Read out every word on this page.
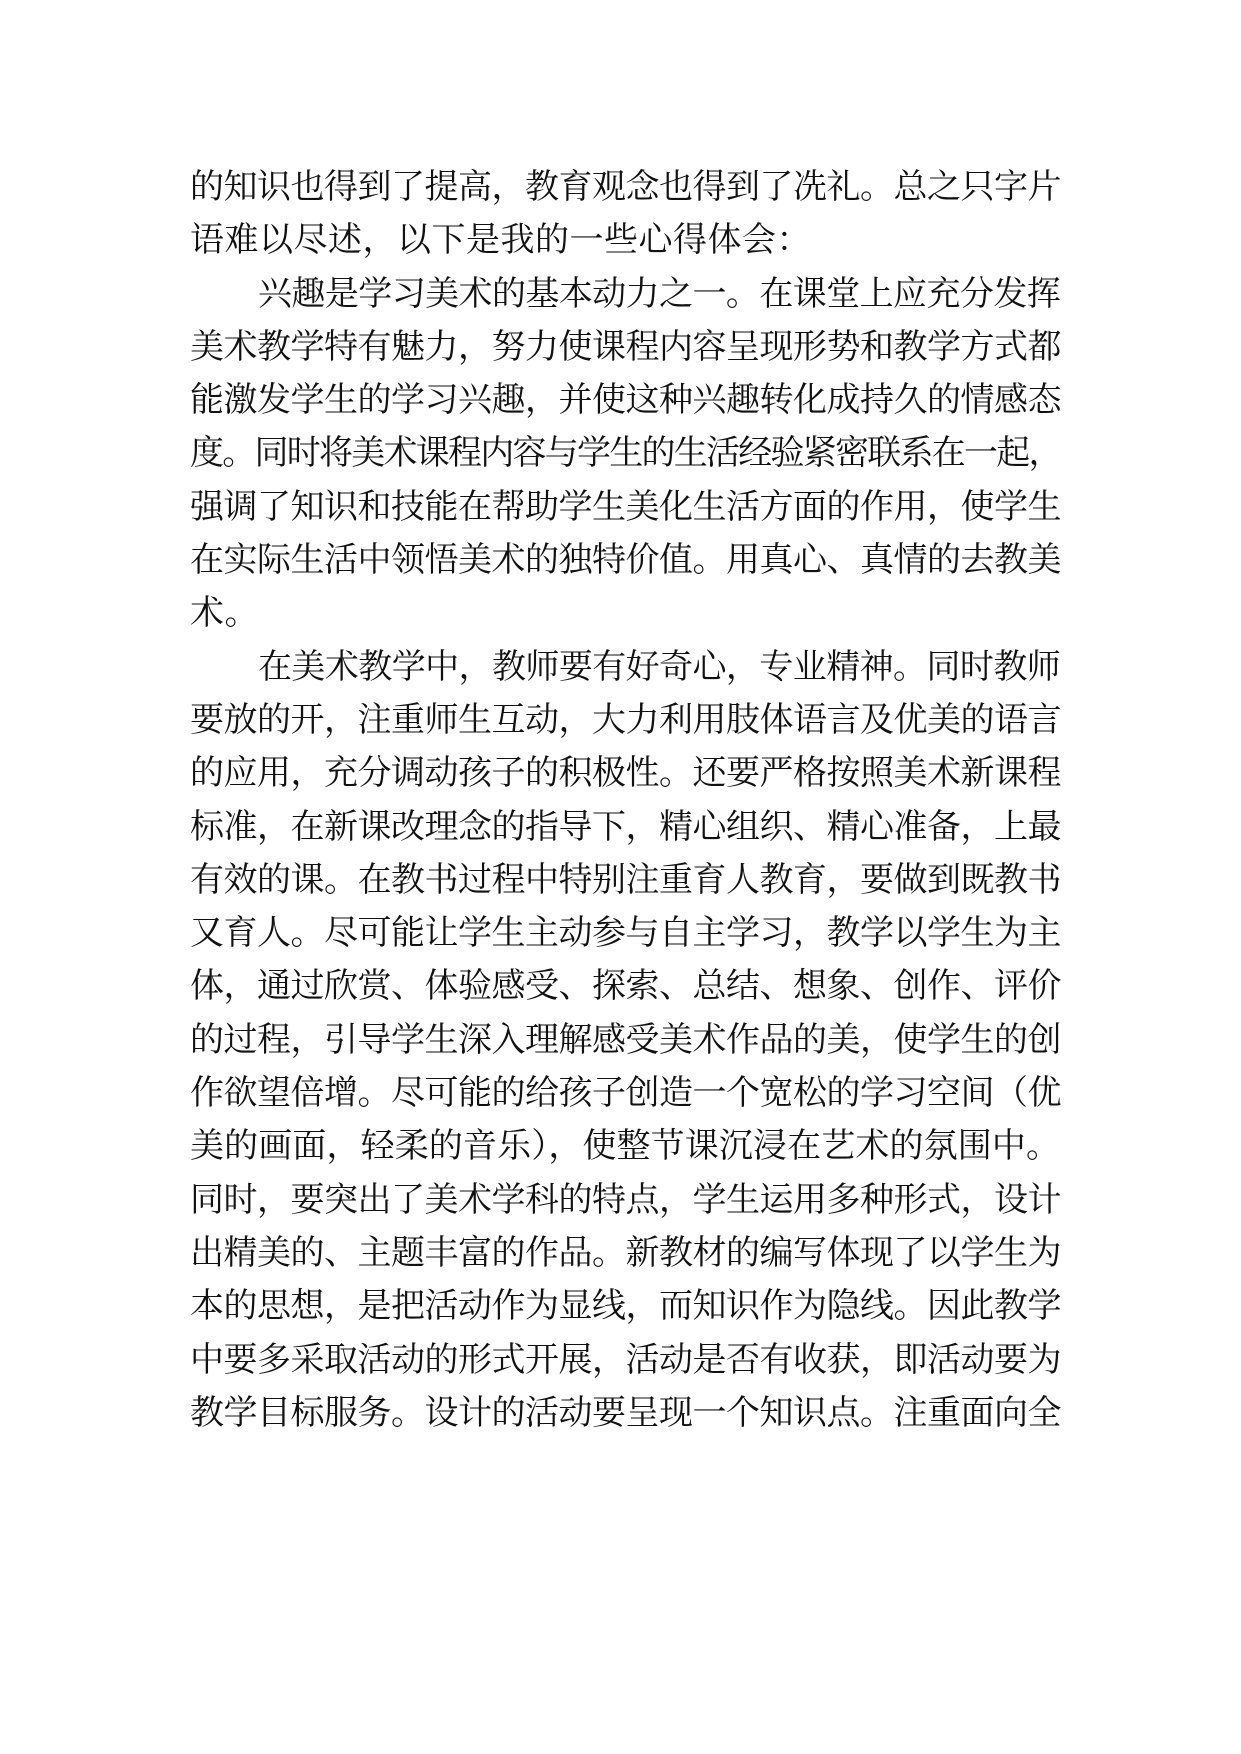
的知识也得到了提高，教育观念也得到了冼礼。总之只字片
语难以尽述，以下是我的一些心得体会：
兴趣是学习美术的基本动力之一。在课堂上应充分发挥
美术教学特有魅力，努力使课程内容呈现形势和教学方式都
能激发学生的学习兴趣，并使这种兴趣转化成持久的情感态
度。同时将美术课程内容与学生的生活经验紧密联系在一起，
强调了知识和技能在帮助学生美化生活方面的作用，使学生
在实际生活中领悟美术的独特价值。用真心、真情的去教美
术。
在美术教学中，教师要有好奇心，专业精神。同时教师
要放的开，注重师生互动，大力利用肢体语言及优美的语言
的应用，充分调动孩子的积极性。还要严格按照美术新课程
标准，在新课改理念的指导下，精心组织、精心准备，上最
有效的课。在教书过程中特别注重育人教育，要做到既教书
又育人。尽可能让学生主动参与自主学习，教学以学生为主
体，通过欣赏、体验感受、探索、总结、想象、创作、评价
的过程，引导学生深入理解感受美术作品的美，使学生的创
作欲望倍增。尽可能的给孩子创造一个宽松的学习空间（优
美的画面，轻柔的音乐），使整节课沉浸在艺术的氛围中。
同时，要突出了美术学科的特点，学生运用多种形式，设计
出精美的、主题丰富的作品。新教材的编写体现了以学生为
本的思想，是把活动作为显线，而知识作为隐线。因此教学
中要多采取活动的形式开展，活动是否有收获，即活动要为
教学目标服务。设计的活动要呈现一个知识点。注重面向全
